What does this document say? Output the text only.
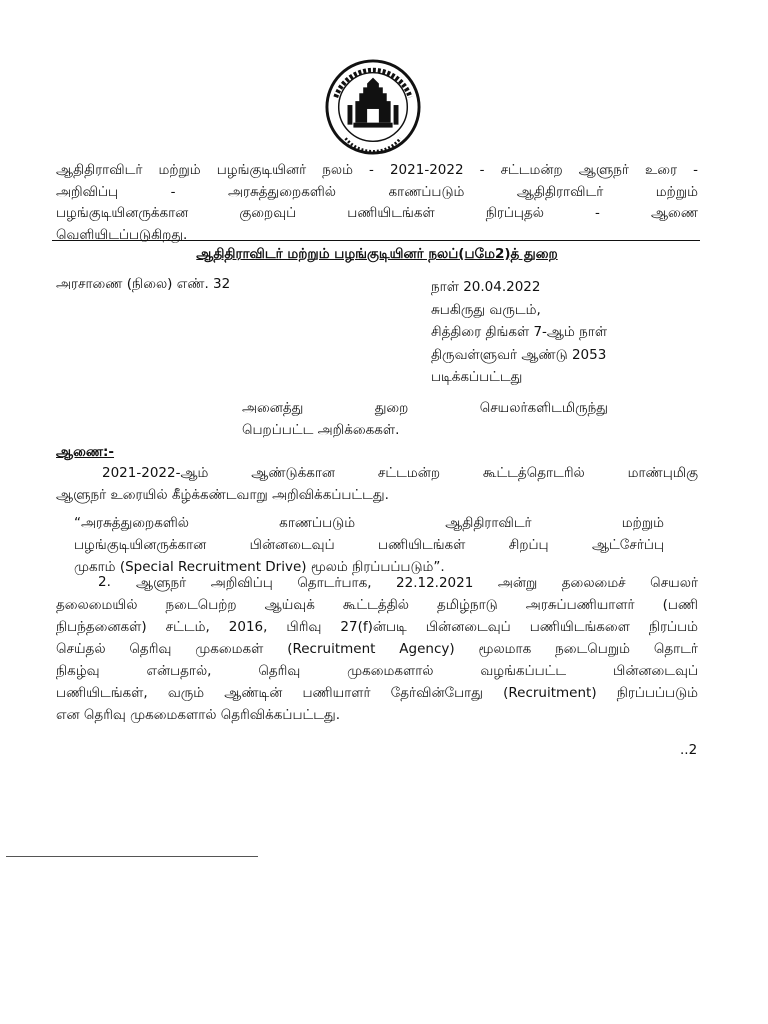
ஆதிதிராவிடர் மற்றும் பழங்குடியினர் நலம் - 2021-2022 - சட்டமன்ற ஆளுநர் உரை -
அறிவிப்பு - அரசுத்துறைகளில் காணப்படும் ஆதிதிராவிடர் மற்றும்
பழங்குடியினருக்கான குறைவுப் பணியிடங்கள் நிரப்புதல் - ஆணை
வெளியிடப்படுகிறது.
ஆதிதிராவிடர் மற்றும் பழங்குடியினர் நலப்(பமே2)த் துறை
அரசாணை (நிலை) எண். 32	நாள் 20.04.2022
சுபகிருது வருடம்,
சித்திரை திங்கள் 7-ஆம் நாள்
திருவள்ளுவர் ஆண்டு 2053
படிக்கப்பட்டது
அனைத்து துறை செயலர்களிடமிருந்து
பெறப்பட்ட அறிக்கைகள்.
ஆணை:-
2021-2022-ஆம் ஆண்டுக்கான சட்டமன்ற கூட்டத்தொடரில் மாண்புமிகு
ஆளுநர் உரையில் கீழ்க்கண்டவாறு அறிவிக்கப்பட்டது.
“அரசுத்துறைகளில் காணப்படும் ஆதிதிராவிடர் மற்றும்
பழங்குடியினருக்கான பின்னடைவுப் பணியிடங்கள் சிறப்பு ஆட்சேர்ப்பு
முகாம் (Special Recruitment Drive) மூலம் நிரப்பப்படும்”.
2.	ஆளுநர் அறிவிப்பு தொடர்பாக, 22.12.2021 அன்று தலைமைச் செயலர்
தலைமையில் நடைபெற்ற ஆய்வுக் கூட்டத்தில் தமிழ்நாடு அரசுப்பணியாளர் (பணி
நிபந்தனைகள்) சட்டம், 2016, பிரிவு 27(f)ன்படி பின்னடைவுப் பணியிடங்களை நிரப்பம்
செய்தல் தெரிவு முகமைகள் (Recruitment Agency) மூலமாக நடைபெறும் தொடர்
நிகழ்வு என்பதால், தெரிவு முகமைகளால் வழங்கப்பட்ட பின்னடைவுப்
பணியிடங்கள், வரும் ஆண்டின் பணியாளர் தேர்வின்போது (Recruitment) நிரப்பப்படும்
என தெரிவு முகமைகளால் தெரிவிக்கப்பட்டது.
..2
